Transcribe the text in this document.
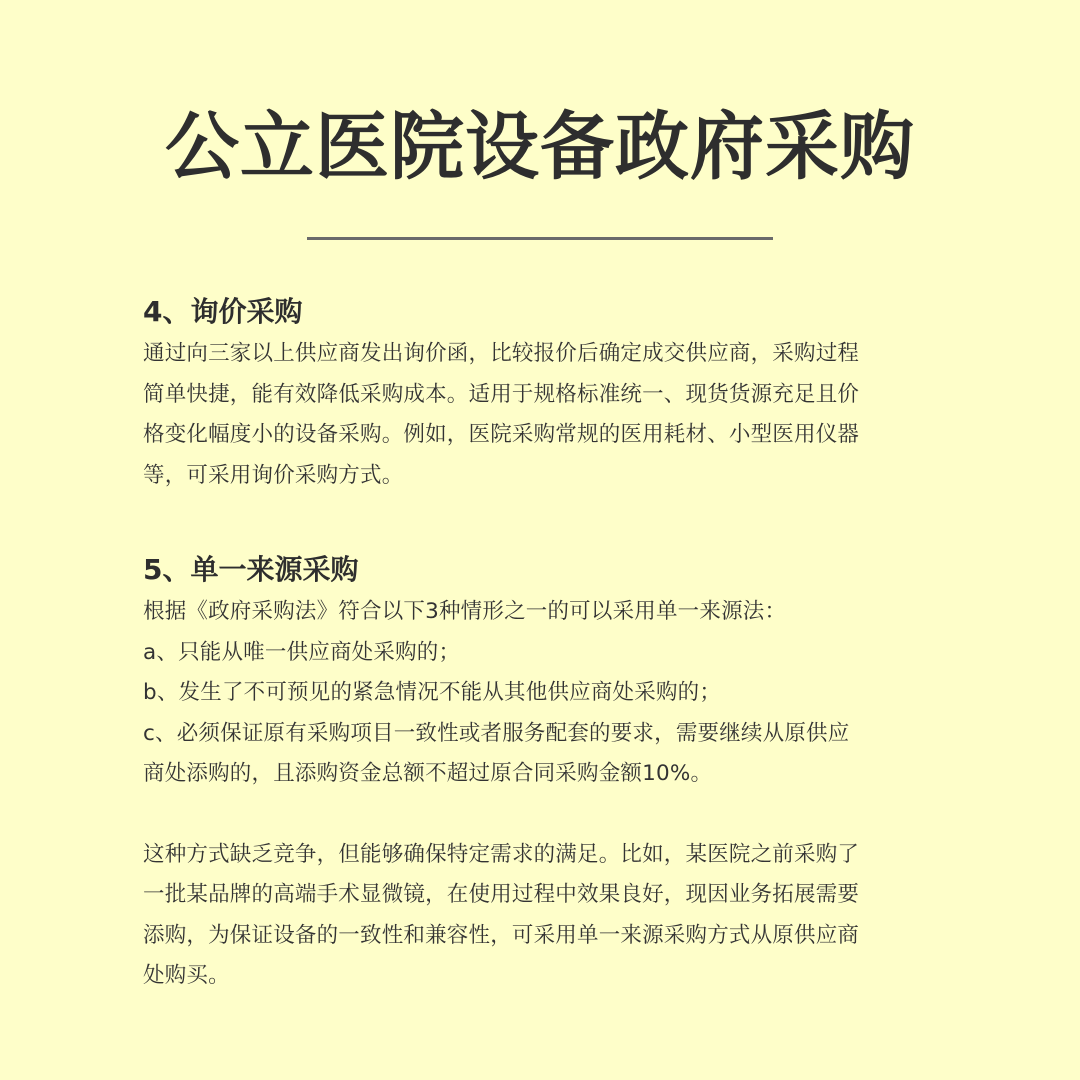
公立医院设备政府采购
4、询价采购

通过向三家以上供应商发出询价函，比较报价后确定成交供应商，采购过程

简单快捷，能有效降低采购成本。适用于规格标准统一、现货货源充足且价

格变化幅度小的设备采购。例如，医院采购常规的医用耗材、小型医用仪器

等，可采用询价采购方式。

5、单一来源采购

根据《政府采购法》符合以下3种情形之一的可以采用单一来源法：

a、只能从唯一供应商处采购的；

b、发生了不可预见的紧急情况不能从其他供应商处采购的；

c、必须保证原有采购项目一致性或者服务配套的要求，需要继续从原供应

商处添购的，且添购资金总额不超过原合同采购金额10%。

这种方式缺乏竞争，但能够确保特定需求的满足。比如，某医院之前采购了

一批某品牌的高端手术显微镜，在使用过程中效果良好，现因业务拓展需要

添购，为保证设备的一致性和兼容性，可采用单一来源采购方式从原供应商

处购买。
